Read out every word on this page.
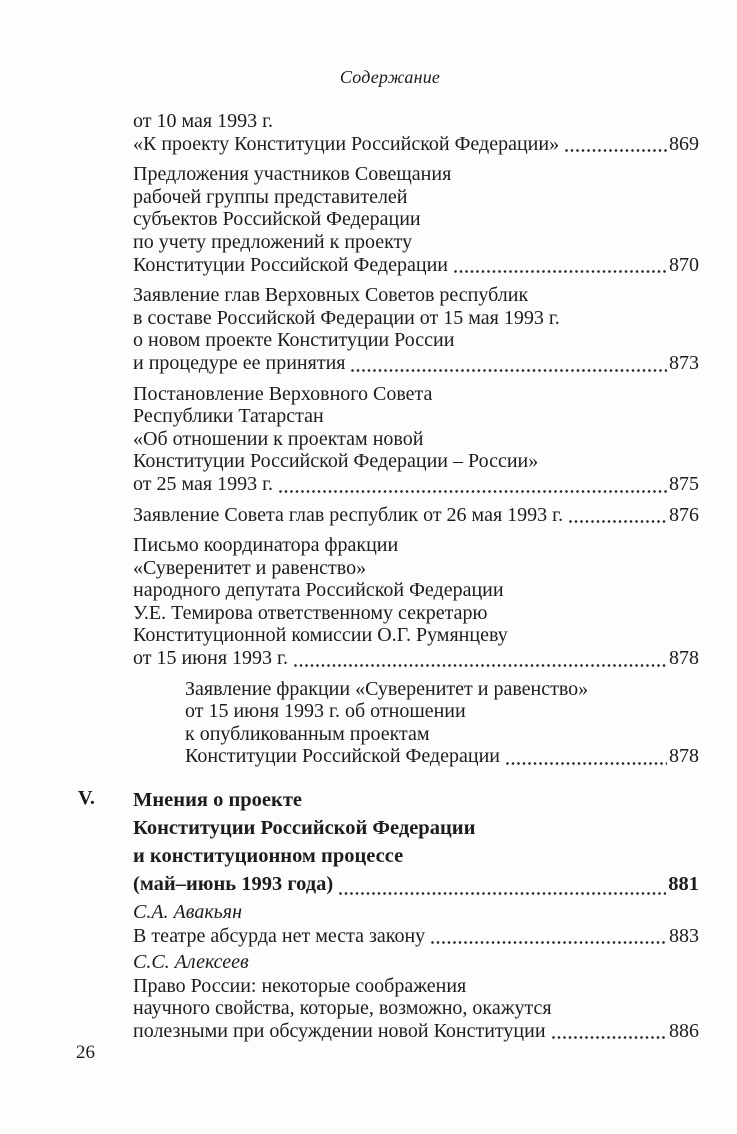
Содержание
от 10 мая 1993 г.
«К проекту Конституции Российской Федерации»	869
Предложения участников Совещания
рабочей группы представителей
субъектов Российской Федерации
по учету предложений к проекту
Конституции Российской Федерации	870
Заявление глав Верховных Советов республик
в составе Российской Федерации от 15 мая 1993 г.
о новом проекте Конституции России
и процедуре ее принятия	873
Постановление Верховного Совета
Республики Татарстан
«Об отношении к проектам новой
Конституции Российской Федерации – России»
от 25 мая 1993 г.	875
Заявление Совета глав республик от 26 мая 1993 г.	876
Письмо координатора фракции
«Суверенитет и равенство»
народного депутата Российской Федерации
У.Е. Темирова ответственному секретарю
Конституционной комиссии О.Г. Румянцеву
от 15 июня 1993 г.	878
Заявление фракции «Суверенитет и равенство»
от 15 июня 1993 г. об отношении
к опубликованным проектам
Конституции Российской Федерации	878
V. Мнения о проекте
Конституции Российской Федерации
и конституционном процессе
(май–июнь 1993 года)	881
С.А. Авакьян
В театре абсурда нет места закону	883
С.С. Алексеев
Право России: некоторые соображения
научного свойства, которые, возможно, окажутся
полезными при обсуждении новой Конституции	886
26
